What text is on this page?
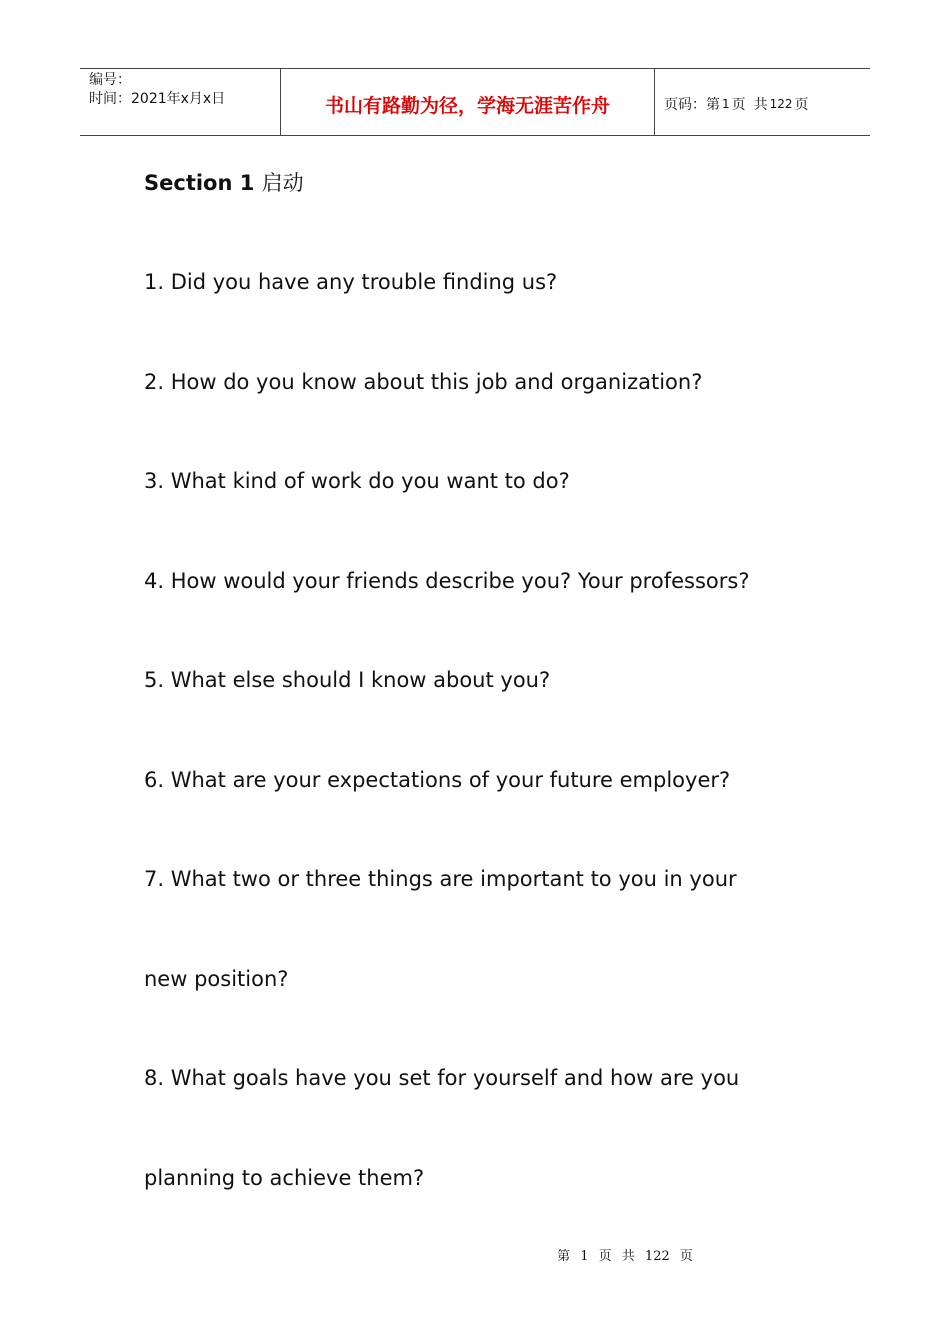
编号：
时间：2021年x月x日	书山有路勤为径，学海无涯苦作舟	页码：第 1 页 共 122 页
Section 1 启动
1. Did you have any trouble finding us?
2. How do you know about this job and organization?
3. What kind of work do you want to do?
4. How would your friends describe you? Your professors?
5. What else should I know about you?
6. What are your expectations of your future employer?
7. What two or three things are important to you in your
new position?
8. What goals have you set for yourself and how are you
planning to achieve them?
第 1 页 共 122 页
